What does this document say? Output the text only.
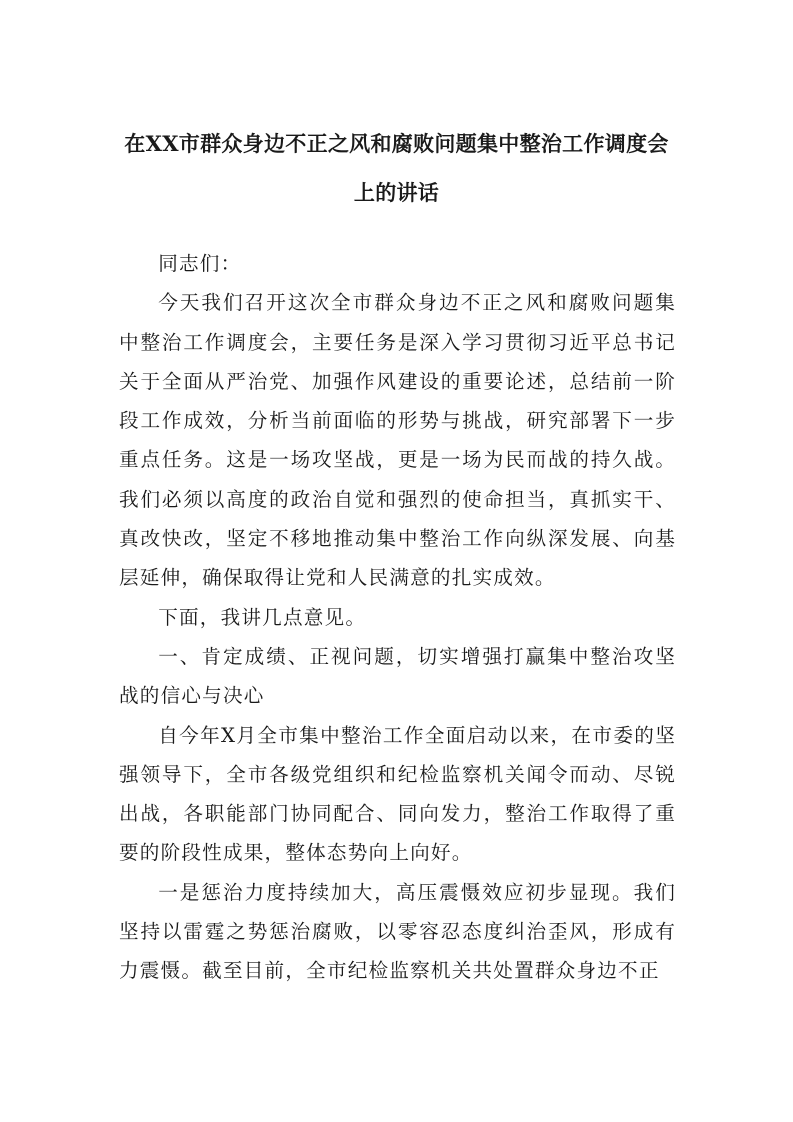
在XX市群众身边不正之风和腐败问题集中整治工作调度会
上的讲话

同志们：

今天我们召开这次全市群众身边不正之风和腐败问题集中整治工作调度会，主要任务是深入学习贯彻习近平总书记关于全面从严治党、加强作风建设的重要论述，总结前一阶段工作成效，分析当前面临的形势与挑战，研究部署下一步重点任务。这是一场攻坚战，更是一场为民而战的持久战。我们必须以高度的政治自觉和强烈的使命担当，真抓实干、真改快改，坚定不移地推动集中整治工作向纵深发展、向基层延伸，确保取得让党和人民满意的扎实成效。

下面，我讲几点意见。

一、肯定成绩、正视问题，切实增强打赢集中整治攻坚战的信心与决心

自今年X月全市集中整治工作全面启动以来，在市委的坚强领导下，全市各级党组织和纪检监察机关闻令而动、尽锐出战，各职能部门协同配合、同向发力，整治工作取得了重要的阶段性成果，整体态势向上向好。

一是惩治力度持续加大，高压震慑效应初步显现。我们坚持以雷霆之势惩治腐败，以零容忍态度纠治歪风，形成有力震慑。截至目前，全市纪检监察机关共处置群众身边不正
